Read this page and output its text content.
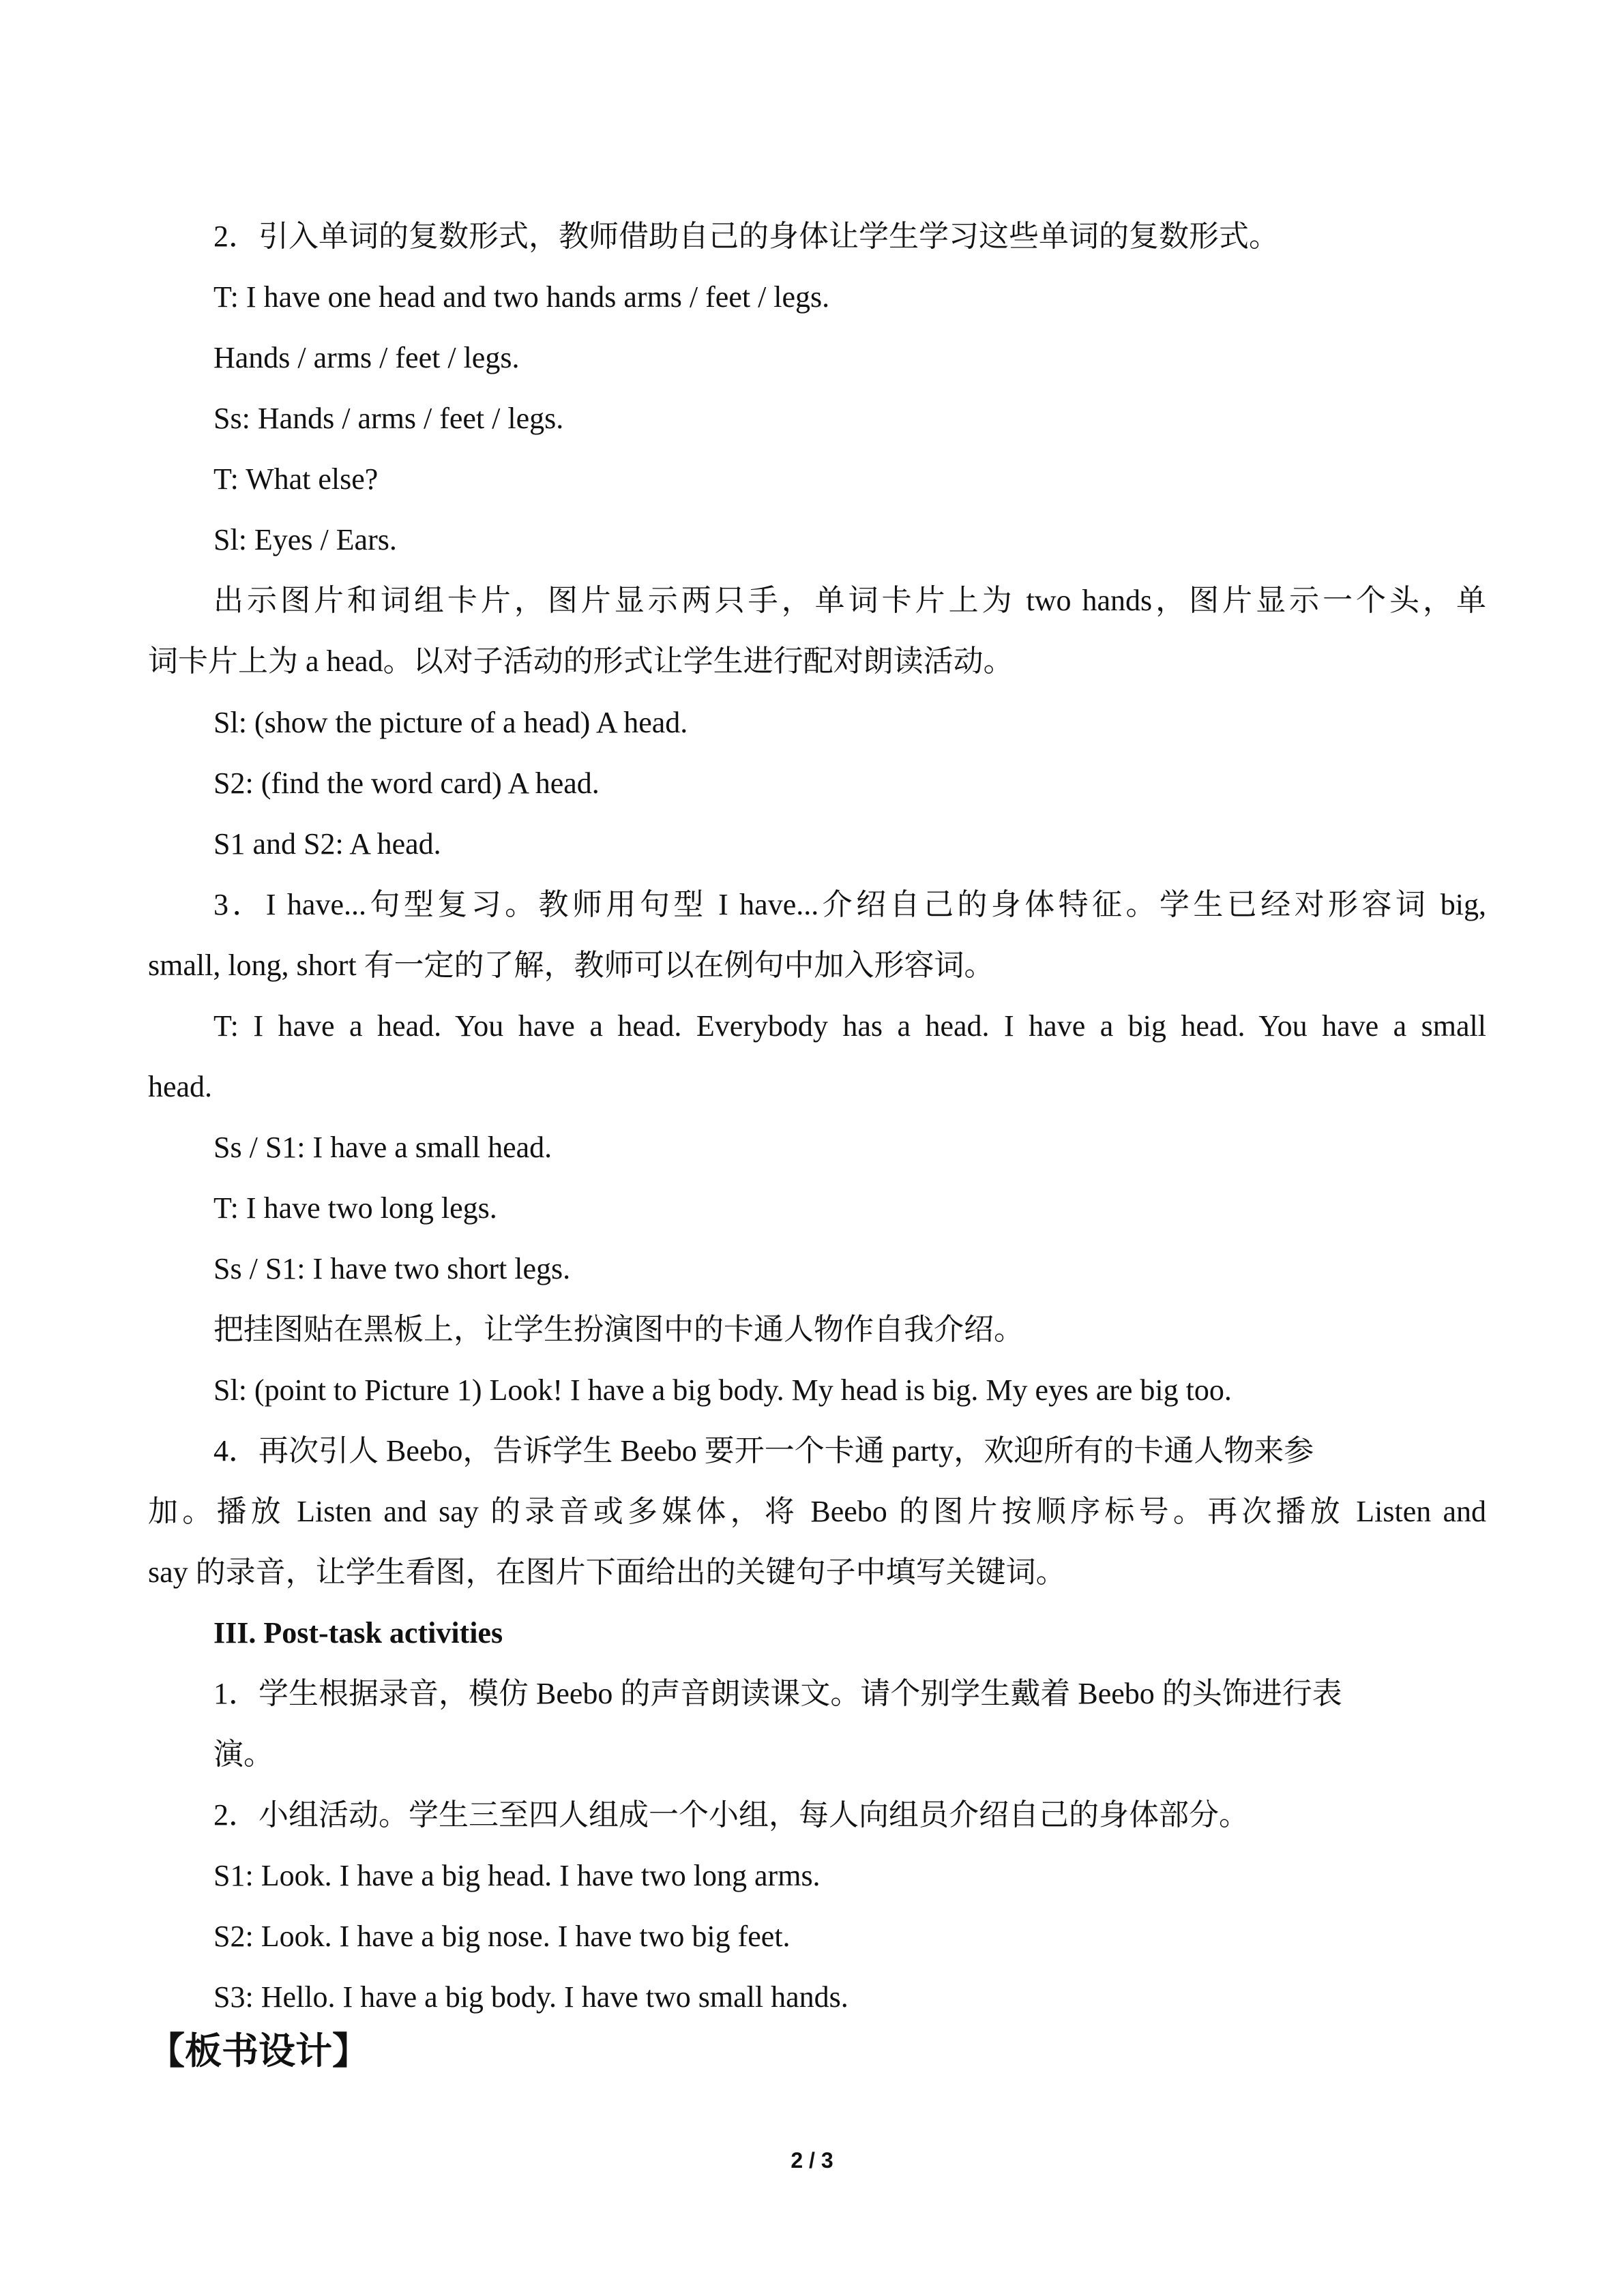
2．引入单词的复数形式，教师借助自己的身体让学生学习这些单词的复数形式。
T: I have one head and two hands arms / feet / legs.
Hands / arms / feet / legs.
Ss: Hands / arms / feet / legs.
T: What else?
Sl: Eyes / Ears.
出示图片和词组卡片，图片显示两只手，单词卡片上为 two hands，图片显示一个头，单
词卡片上为 a head。以对子活动的形式让学生进行配对朗读活动。
Sl: (show the picture of a head) A head.
S2: (find the word card) A head.
S1 and S2: A head.
3．I have...句型复习。教师用句型 I have...介绍自己的身体特征。学生已经对形容词 big,
small, long, short 有一定的了解，教师可以在例句中加入形容词。
T: I have a head. You have a head. Everybody has a head. I have a big head. You have a small
head.
Ss / S1: I have a small head.
T: I have two long legs.
Ss / S1: I have two short legs.
把挂图贴在黑板上，让学生扮演图中的卡通人物作自我介绍。
Sl: (point to Picture 1) Look! I have a big body. My head is big. My eyes are big too.
4．再次引人 Beebo，告诉学生 Beebo 要开一个卡通 party，欢迎所有的卡通人物来参
加。播放 Listen and say 的录音或多媒体，将 Beebo 的图片按顺序标号。再次播放 Listen and
say 的录音，让学生看图，在图片下面给出的关键句子中填写关键词。
III. Post-task activities
1．学生根据录音，模仿 Beebo 的声音朗读课文。请个别学生戴着 Beebo 的头饰进行表
演。
2．小组活动。学生三至四人组成一个小组，每人向组员介绍自己的身体部分。
S1: Look. I have a big head. I have two long arms.
S2: Look. I have a big nose. I have two big feet.
S3: Hello. I have a big body. I have two small hands.
【板书设计】
2 / 3
